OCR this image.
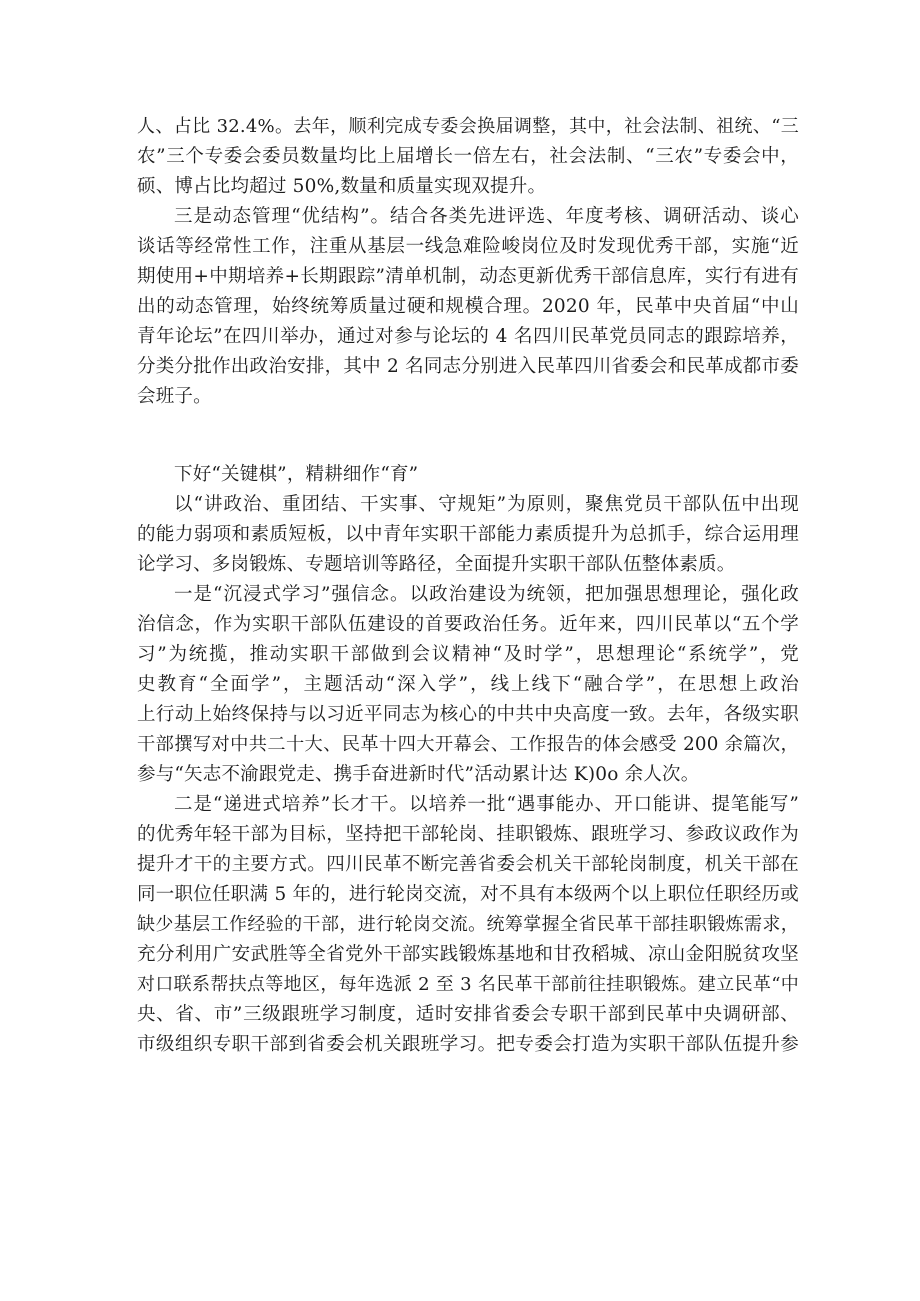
人、占比 32.4%。去年，顺利完成专委会换届调整，其中，社会法制、祖统、“三
农”三个专委会委员数量均比上届增长一倍左右，社会法制、“三农”专委会中，
硕、博占比均超过 50%,数量和质量实现双提升。
三是动态管理“优结构”。结合各类先进评选、年度考核、调研活动、谈心
谈话等经常性工作，注重从基层一线急难险峻岗位及时发现优秀干部，实施“近
期使用+中期培养+长期跟踪”清单机制，动态更新优秀干部信息库，实行有进有
出的动态管理，始终统筹质量过硬和规模合理。2020 年，民革中央首届“中山
青年论坛”在四川举办，通过对参与论坛的 4 名四川民革党员同志的跟踪培养，
分类分批作出政治安排，其中 2 名同志分别进入民革四川省委会和民革成都市委
会班子。
下好“关键棋”，精耕细作“育”
以“讲政治、重团结、干实事、守规矩”为原则，聚焦党员干部队伍中出现
的能力弱项和素质短板，以中青年实职干部能力素质提升为总抓手，综合运用理
论学习、多岗锻炼、专题培训等路径，全面提升实职干部队伍整体素质。
一是“沉浸式学习”强信念。以政治建设为统领，把加强思想理论，强化政
治信念，作为实职干部队伍建设的首要政治任务。近年来，四川民革以“五个学
习”为统揽，推动实职干部做到会议精神“及时学”，思想理论“系统学”，党
史教育“全面学”，主题活动“深入学”，线上线下“融合学”，在思想上政治
上行动上始终保持与以习近平同志为核心的中共中央高度一致。去年，各级实职
干部撰写对中共二十大、民革十四大开幕会、工作报告的体会感受 200 余篇次，
参与“矢志不渝跟党走、携手奋进新时代”活动累计达 K)0o 余人次。
二是“递进式培养”长才干。以培养一批“遇事能办、开口能讲、提笔能写”
的优秀年轻干部为目标，坚持把干部轮岗、挂职锻炼、跟班学习、参政议政作为
提升才干的主要方式。四川民革不断完善省委会机关干部轮岗制度，机关干部在
同一职位任职满 5 年的，进行轮岗交流，对不具有本级两个以上职位任职经历或
缺少基层工作经验的干部，进行轮岗交流。统筹掌握全省民革干部挂职锻炼需求，
充分利用广安武胜等全省党外干部实践锻炼基地和甘孜稻城、凉山金阳脱贫攻坚
对口联系帮扶点等地区，每年选派 2 至 3 名民革干部前往挂职锻炼。建立民革“中
央、省、市”三级跟班学习制度，适时安排省委会专职干部到民革中央调研部、
市级组织专职干部到省委会机关跟班学习。把专委会打造为实职干部队伍提升参
